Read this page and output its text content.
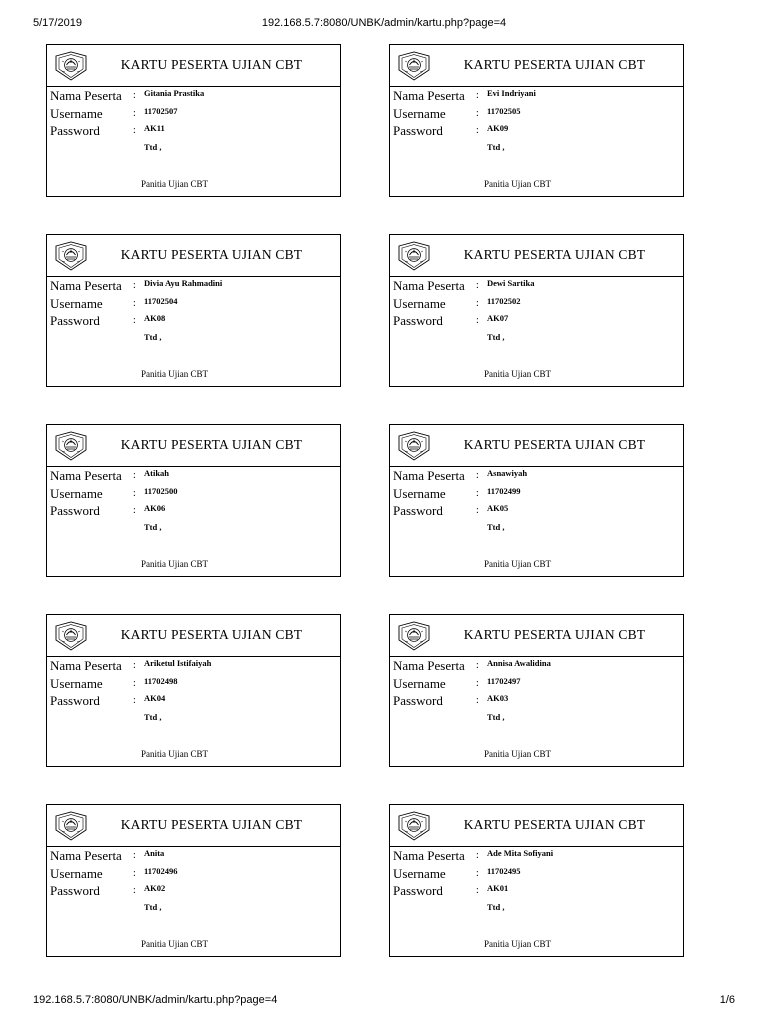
5/17/2019	192.168.5.7:8080/UNBK/admin/kartu.php?page=4
KARTU PESERTA UJIAN CBT
Nama Peserta : Gitania Prastika
Username	: 11702507
Password	: AK11
Ttd ,
Panitia Ujian CBT
KARTU PESERTA UJIAN CBT
Nama Peserta : Evi Indriyani
Username	: 11702505
Password	: AK09
Ttd ,
Panitia Ujian CBT
KARTU PESERTA UJIAN CBT
Nama Peserta : Divia Ayu Rahmadini
Username	: 11702504
Password	: AK08
Ttd ,
Panitia Ujian CBT
KARTU PESERTA UJIAN CBT
Nama Peserta : Dewi Sartika
Username	: 11702502
Password	: AK07
Ttd ,
Panitia Ujian CBT
KARTU PESERTA UJIAN CBT
Nama Peserta : Atikah
Username	: 11702500
Password	: AK06
Ttd ,
Panitia Ujian CBT
KARTU PESERTA UJIAN CBT
Nama Peserta : Asnawiyah
Username	: 11702499
Password	: AK05
Ttd ,
Panitia Ujian CBT
KARTU PESERTA UJIAN CBT
Nama Peserta : Ariketul Istifaiyah
Username	: 11702498
Password	: AK04
Ttd ,
Panitia Ujian CBT
KARTU PESERTA UJIAN CBT
Nama Peserta : Annisa Awalidina
Username	: 11702497
Password	: AK03
Ttd ,
Panitia Ujian CBT
KARTU PESERTA UJIAN CBT
Nama Peserta : Anita
Username	: 11702496
Password	: AK02
Ttd ,
Panitia Ujian CBT
KARTU PESERTA UJIAN CBT
Nama Peserta : Ade Mita Sofiyani
Username	: 11702495
Password	: AK01
Ttd ,
Panitia Ujian CBT
192.168.5.7:8080/UNBK/admin/kartu.php?page=4	1/6
